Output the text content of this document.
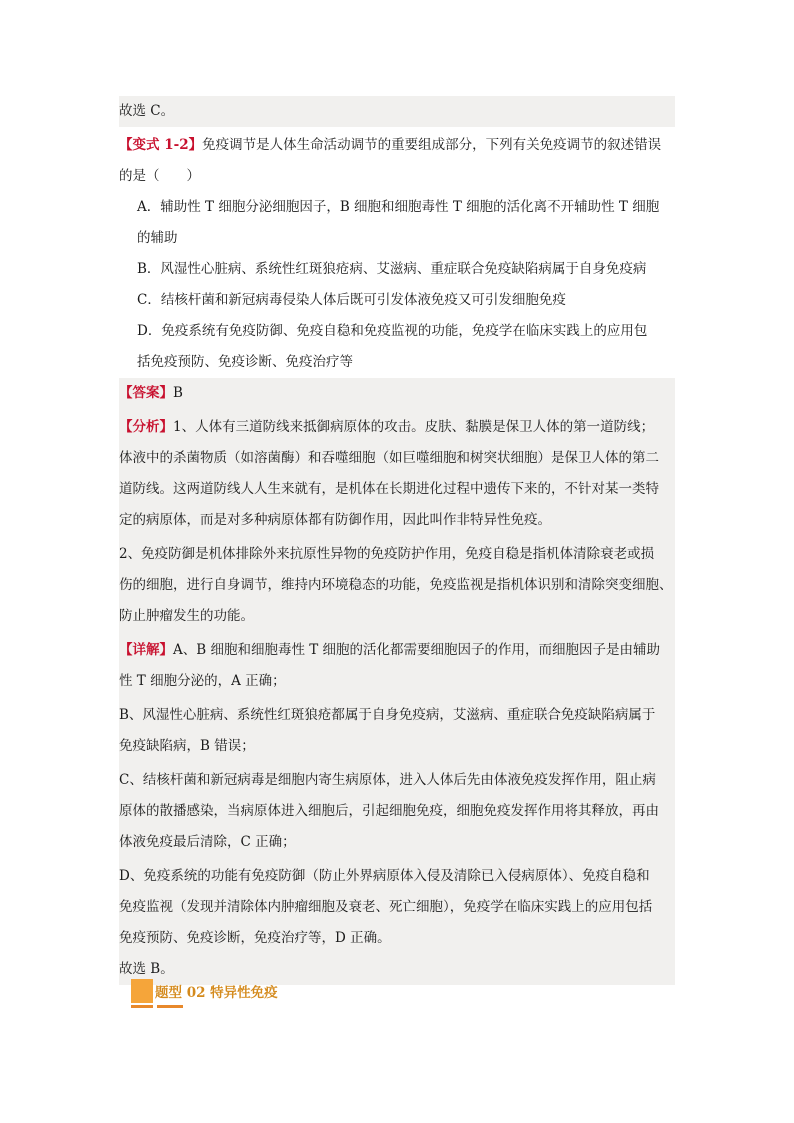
故选 C。

【变式 1-2】免疫调节是人体生命活动调节的重要组成部分，下列有关免疫调节的叙述错误

的是（　　）

A．辅助性 T 细胞分泌细胞因子，B 细胞和细胞毒性 T 细胞的活化离不开辅助性 T 细胞

的辅助

B．风湿性心脏病、系统性红斑狼疮病、艾滋病、重症联合免疫缺陷病属于自身免疫病

C．结核杆菌和新冠病毒侵染人体后既可引发体液免疫又可引发细胞免疫

D．免疫系统有免疫防御、免疫自稳和免疫监视的功能，免疫学在临床实践上的应用包

括免疫预防、免疫诊断、免疫治疗等

【答案】B

【分析】1、人体有三道防线来抵御病原体的攻击。皮肤、黏膜是保卫人体的第一道防线；

体液中的杀菌物质（如溶菌酶）和吞噬细胞（如巨噬细胞和树突状细胞）是保卫人体的第二

道防线。这两道防线人人生来就有，是机体在长期进化过程中遗传下来的，不针对某一类特

定的病原体，而是对多种病原体都有防御作用，因此叫作非特异性免疫。

2、免疫防御是机体排除外来抗原性异物的免疫防护作用，免疫自稳是指机体清除衰老或损

伤的细胞，进行自身调节，维持内环境稳态的功能，免疫监视是指机体识别和清除突变细胞、

防止肿瘤发生的功能。

【详解】A、B 细胞和细胞毒性 T 细胞的活化都需要细胞因子的作用，而细胞因子是由辅助

性 T 细胞分泌的，A 正确；

B、风湿性心脏病、系统性红斑狼疮都属于自身免疫病，艾滋病、重症联合免疫缺陷病属于

免疫缺陷病，B 错误；

C、结核杆菌和新冠病毒是细胞内寄生病原体，进入人体后先由体液免疫发挥作用，阻止病

原体的散播感染，当病原体进入细胞后，引起细胞免疫，细胞免疫发挥作用将其释放，再由

体液免疫最后清除，C 正确；

D、免疫系统的功能有免疫防御（防止外界病原体入侵及清除已入侵病原体）、免疫自稳和

免疫监视（发现并清除体内肿瘤细胞及衰老、死亡细胞），免疫学在临床实践上的应用包括

免疫预防、免疫诊断，免疫治疗等，D 正确。

故选 B。

题型 02 特异性免疫
